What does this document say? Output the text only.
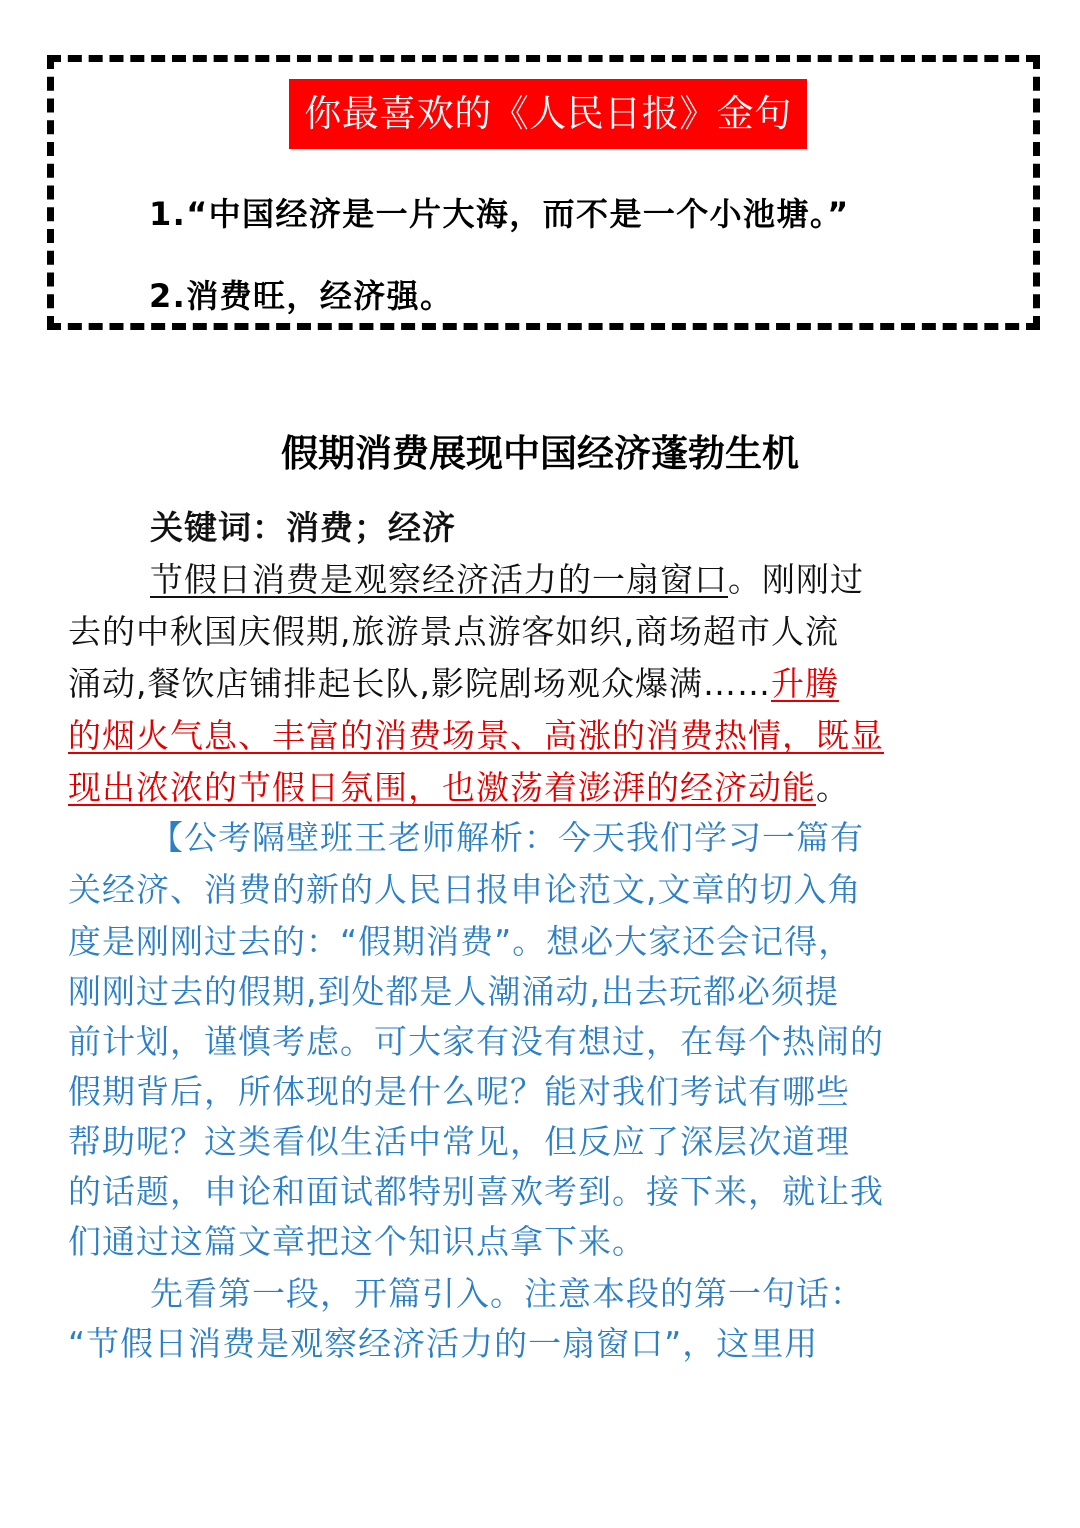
你最喜欢的《人民日报》金句
1.“中国经济是一片大海，而不是一个小池塘。”
2.消费旺，经济强。
假期消费展现中国经济蓬勃生机
关键词：消费；经济
节假日消费是观察经济活力的一扇窗口。刚刚过
去的中秋国庆假期,旅游景点游客如织,商场超市人流
涌动,餐饮店铺排起长队,影院剧场观众爆满……升腾
的烟火气息、丰富的消费场景、高涨的消费热情，既显
现出浓浓的节假日氛围，也激荡着澎湃的经济动能。
【公考隔壁班王老师解析：今天我们学习一篇有
关经济、消费的新的人民日报申论范文,文章的切入角
度是刚刚过去的：“假期消费”。想必大家还会记得，
刚刚过去的假期,到处都是人潮涌动,出去玩都必须提
前计划，谨慎考虑。可大家有没有想过，在每个热闹的
假期背后，所体现的是什么呢？能对我们考试有哪些
帮助呢？这类看似生活中常见，但反应了深层次道理
的话题，申论和面试都特别喜欢考到。接下来，就让我
们通过这篇文章把这个知识点拿下来。
先看第一段，开篇引入。注意本段的第一句话：
“节假日消费是观察经济活力的一扇窗口”，这里用
